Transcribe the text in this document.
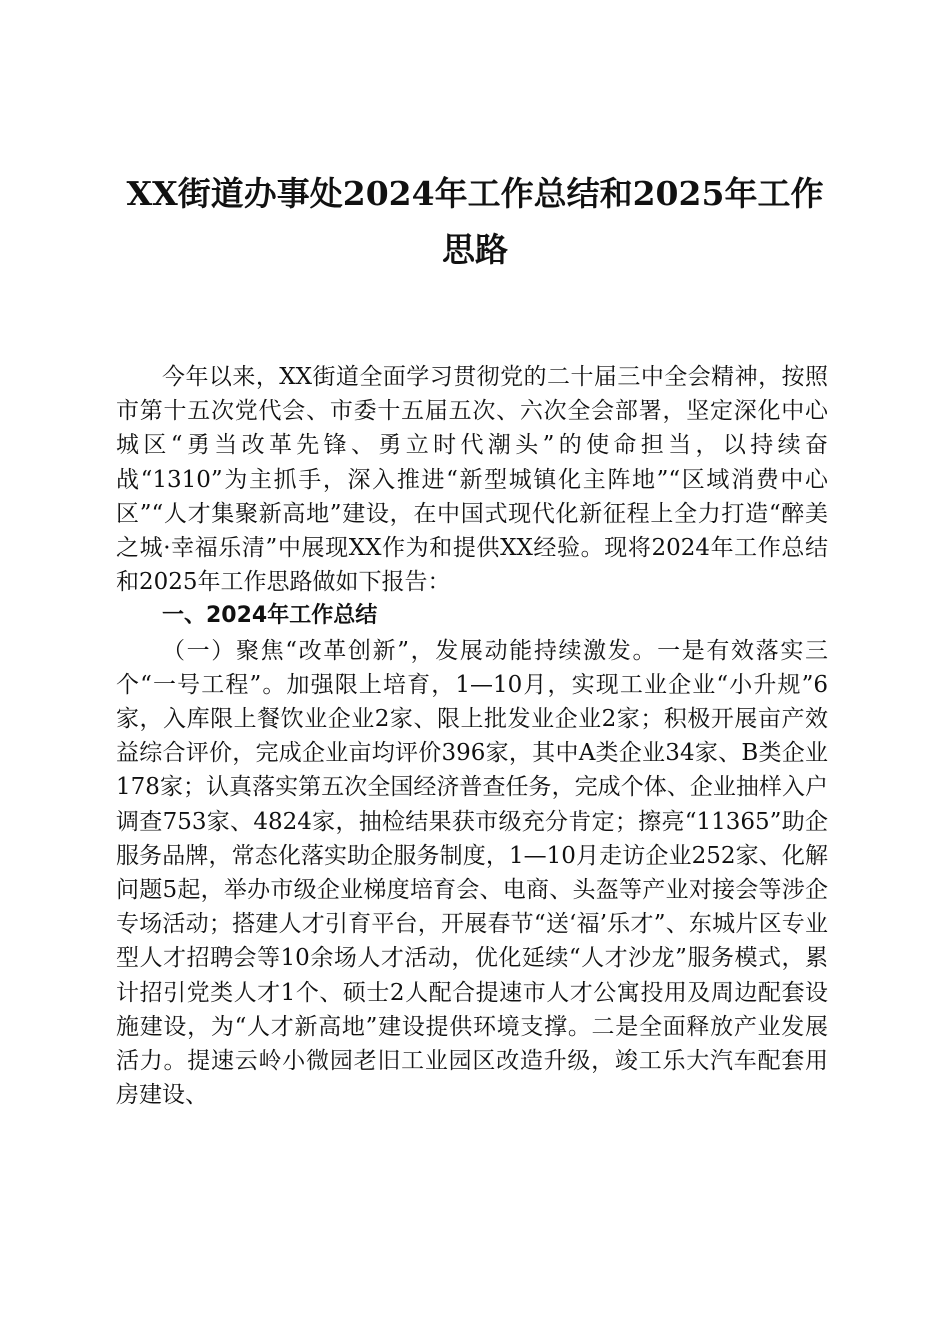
XX街道办事处2024年工作总结和2025年工作思路

今年以来，XX街道全面学习贯彻党的二十届三中全会精神，按照市第十五次党代会、市委十五届五次、六次全会部署，坚定深化中心城区“勇当改革先锋、勇立时代潮头”的使命担当，以持续奋战“1310”为主抓手，深入推进“新型城镇化主阵地”“区域消费中心区”“人才集聚新高地”建设，在中国式现代化新征程上全力打造“醉美之城·幸福乐清”中展现XX作为和提供XX经验。现将2024年工作总结和2025年工作思路做如下报告：

一、2024年工作总结

（一）聚焦“改革创新”，发展动能持续激发。一是有效落实三个“一号工程”。加强限上培育，1—10月，实现工业企业“小升规”6家，入库限上餐饮业企业2家、限上批发业企业2家；积极开展亩产效益综合评价，完成企业亩均评价396家，其中A类企业34家、B类企业178家；认真落实第五次全国经济普查任务，完成个体、企业抽样入户调查753家、4824家，抽检结果获市级充分肯定；擦亮“11365”助企服务品牌，常态化落实助企服务制度，1—10月走访企业252家、化解问题5起，举办市级企业梯度培育会、电商、头盔等产业对接会等涉企专场活动；搭建人才引育平台，开展春节“送‘福’乐才”、东城片区专业型人才招聘会等10余场人才活动，优化延续“人才沙龙”服务模式，累计招引党类人才1个、硕士2人配合提速市人才公寓投用及周边配套设施建设，为“人才新高地”建设提供环境支撑。二是全面释放产业发展活力。提速云岭小微园老旧工业园区改造升级，竣工乐大汽车配套用房建设、
